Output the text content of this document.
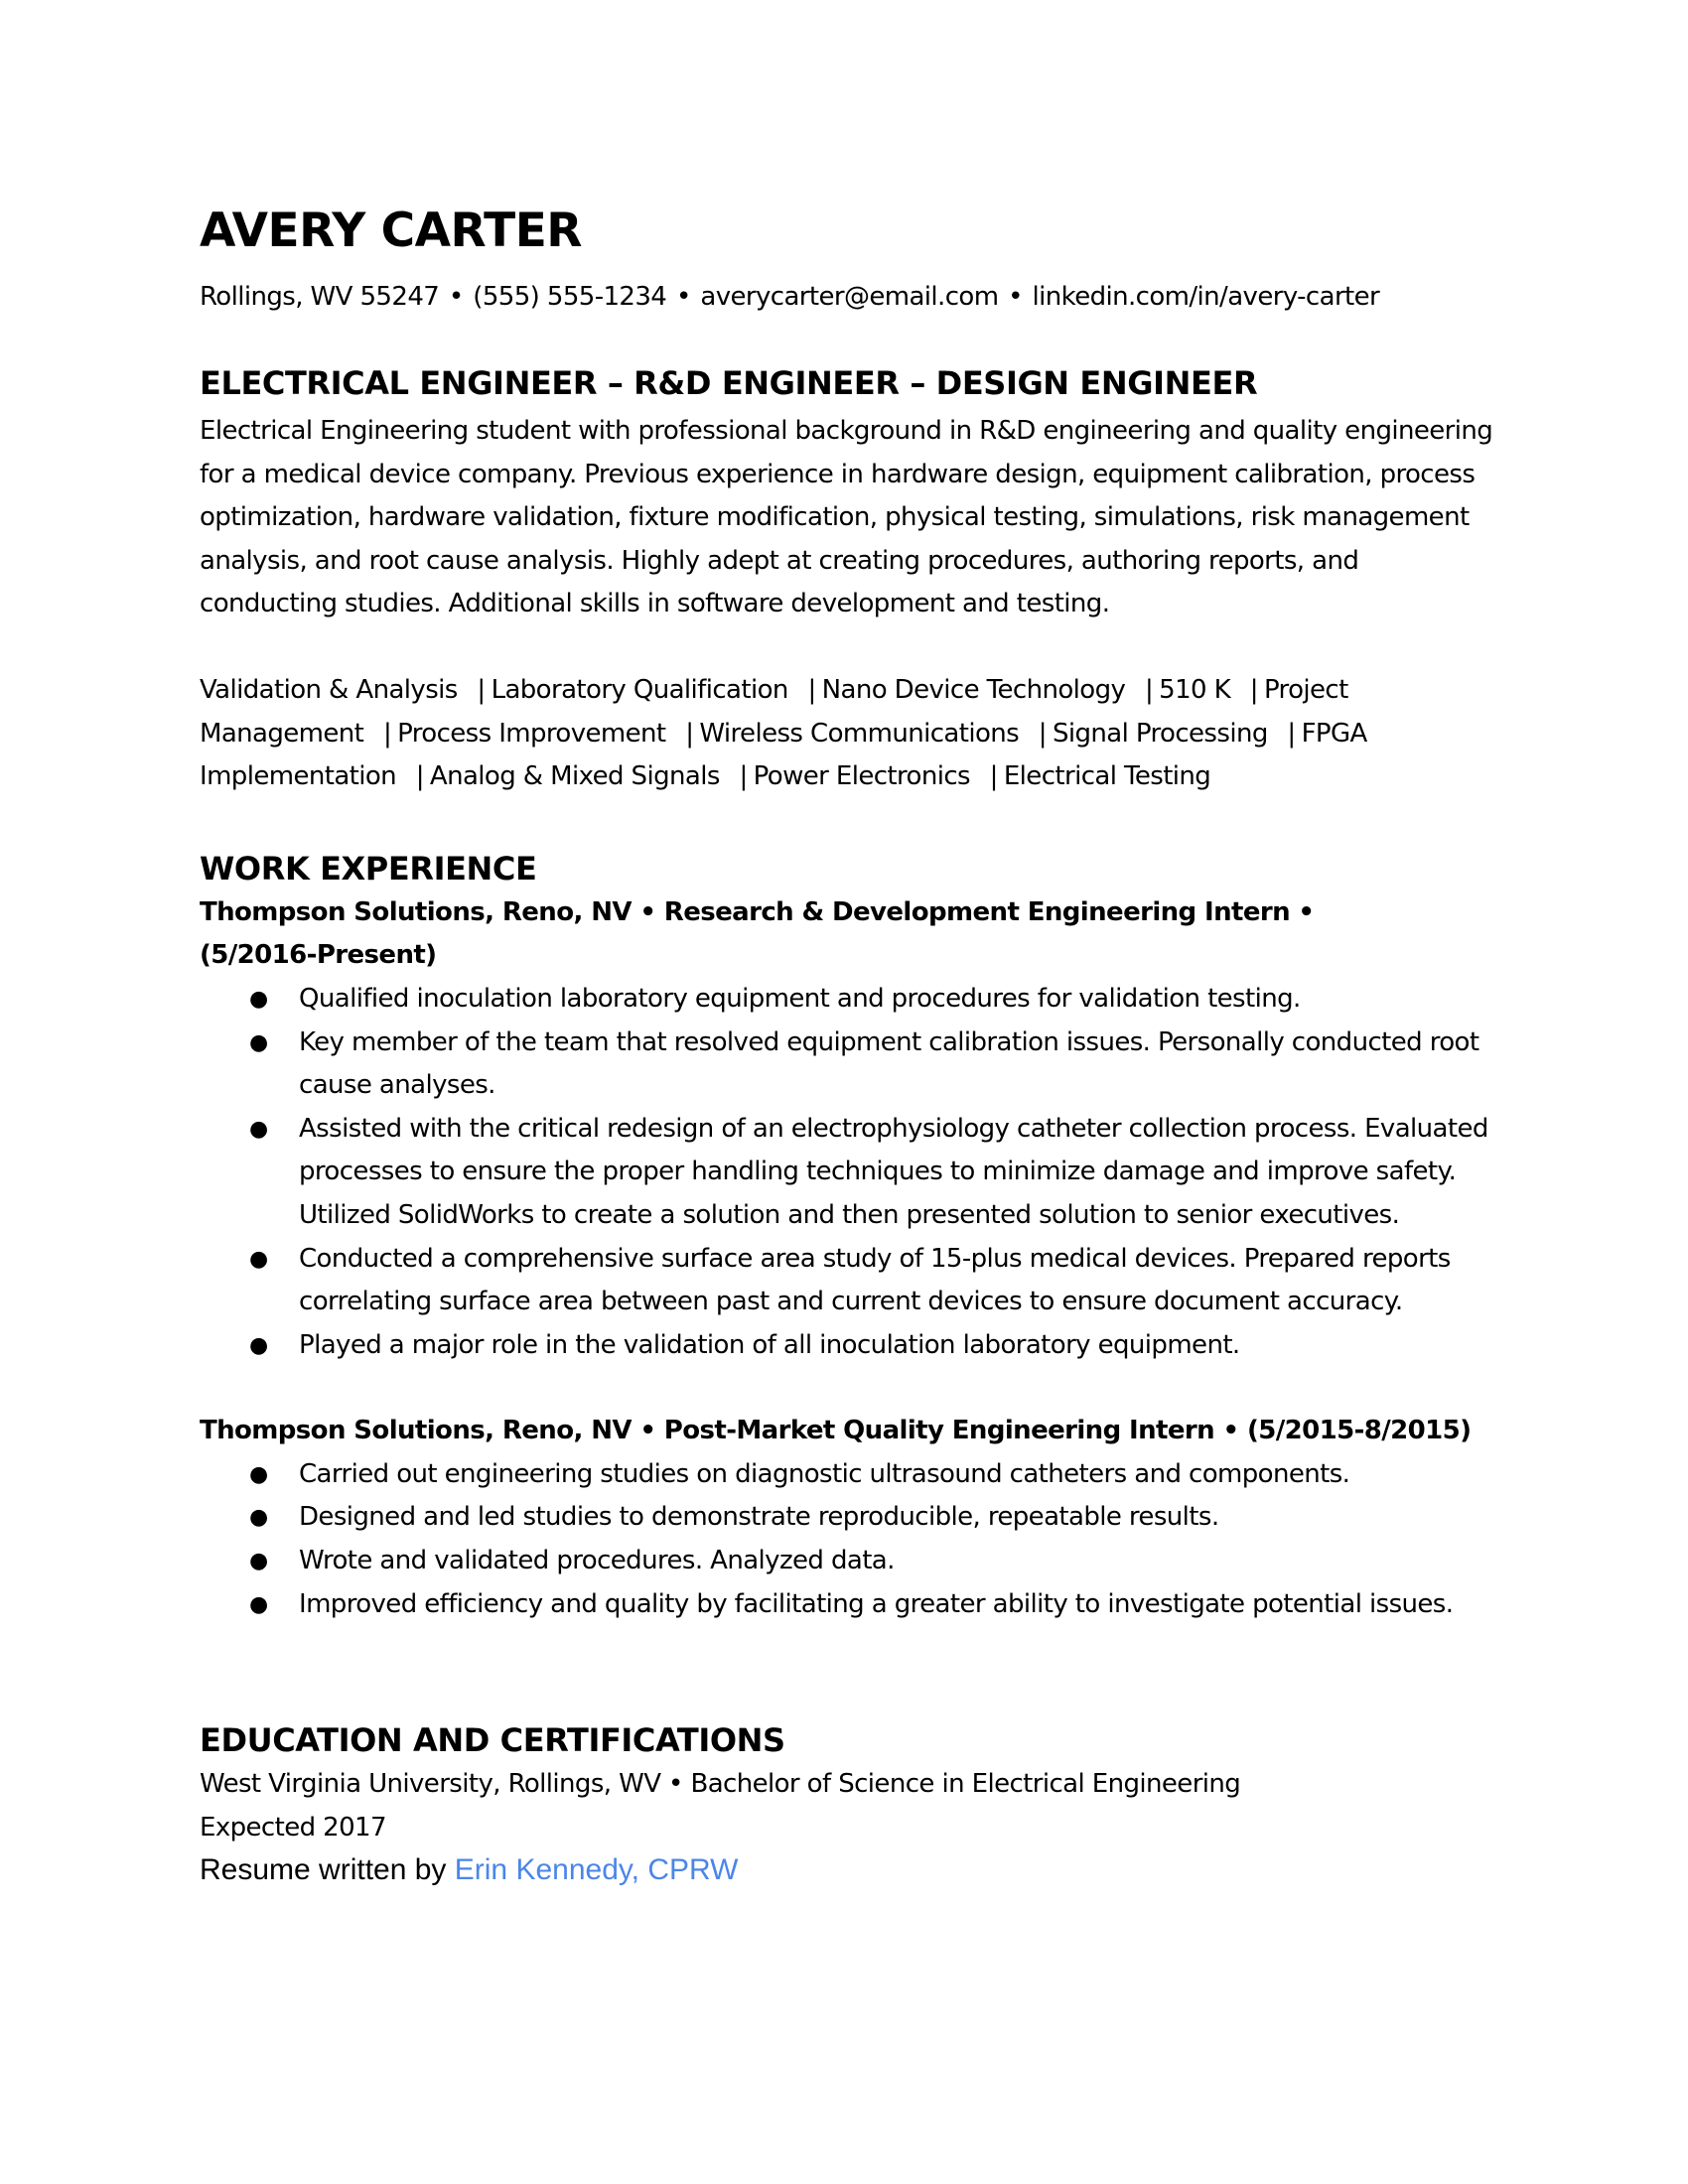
AVERY CARTER
Rollings, WV 55247 • (555) 555-1234 • averycarter@email.com • linkedin.com/in/avery-carter
ELECTRICAL ENGINEER – R&D ENGINEER – DESIGN ENGINEER
Electrical Engineering student with professional background in R&D engineering and quality engineering for a medical device company. Previous experience in hardware design, equipment calibration, process optimization, hardware validation, fixture modification, physical testing, simulations, risk management analysis, and root cause analysis. Highly adept at creating procedures, authoring reports, and conducting studies. Additional skills in software development and testing.
Validation & Analysis | Laboratory Qualification | Nano Device Technology | 510 K | Project Management | Process Improvement | Wireless Communications | Signal Processing | FPGA Implementation | Analog & Mixed Signals | Power Electronics | Electrical Testing
WORK EXPERIENCE
Thompson Solutions, Reno, NV • Research & Development Engineering Intern • (5/2016-Present)
● Qualified inoculation laboratory equipment and procedures for validation testing.
● Key member of the team that resolved equipment calibration issues. Personally conducted root cause analyses.
● Assisted with the critical redesign of an electrophysiology catheter collection process. Evaluated processes to ensure the proper handling techniques to minimize damage and improve safety. Utilized SolidWorks to create a solution and then presented solution to senior executives.
● Conducted a comprehensive surface area study of 15-plus medical devices. Prepared reports correlating surface area between past and current devices to ensure document accuracy.
● Played a major role in the validation of all inoculation laboratory equipment.
Thompson Solutions, Reno, NV • Post-Market Quality Engineering Intern • (5/2015-8/2015)
● Carried out engineering studies on diagnostic ultrasound catheters and components.
● Designed and led studies to demonstrate reproducible, repeatable results.
● Wrote and validated procedures. Analyzed data.
● Improved efficiency and quality by facilitating a greater ability to investigate potential issues.
EDUCATION AND CERTIFICATIONS
West Virginia University, Rollings, WV • Bachelor of Science in Electrical Engineering
Expected 2017
Resume written by Erin Kennedy, CPRW
